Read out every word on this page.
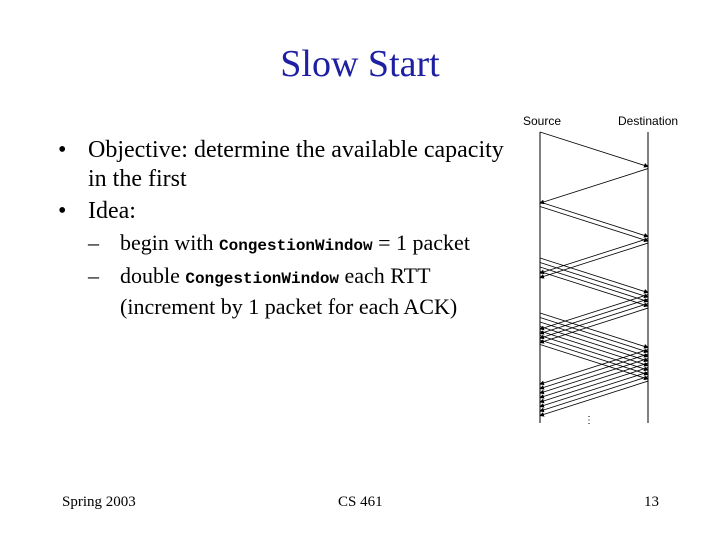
Slow Start
• Objective: determine the available capacity in the first
• Idea:
– begin with CongestionWindow = 1 packet
– double CongestionWindow each RTT (increment by 1 packet for each ACK)
Source	Destination
⋮
Spring 2003	CS 461	13
